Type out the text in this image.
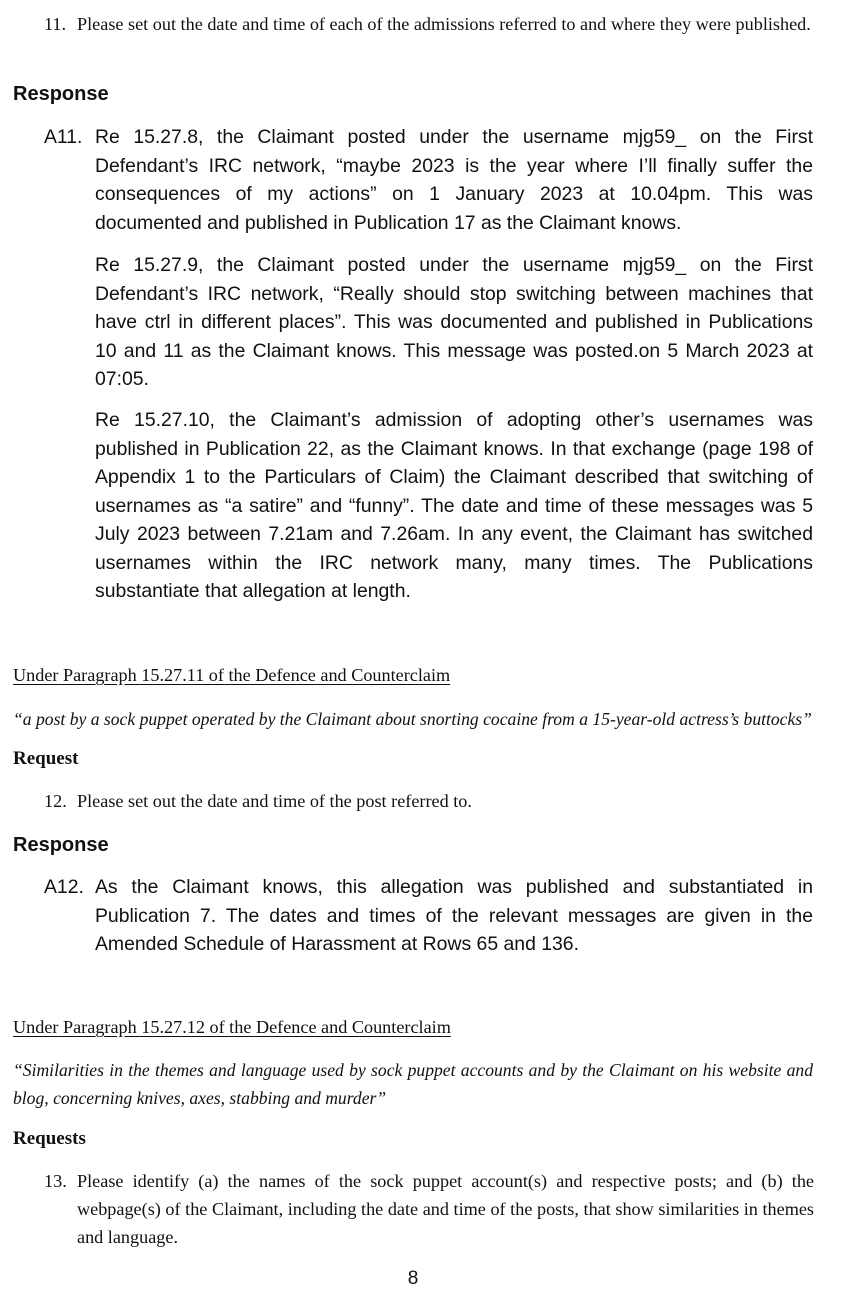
11. Please set out the date and time of each of the admissions referred to and where they were published.
Response
A11. Re 15.27.8, the Claimant posted under the username mjg59_ on the First Defendant’s IRC network, “maybe 2023 is the year where I’ll finally suffer the consequences of my actions” on 1 January 2023 at 10.04pm. This was documented and published in Publication 17 as the Claimant knows.
Re 15.27.9, the Claimant posted under the username mjg59_ on the First Defendant’s IRC network, “Really should stop switching between machines that have ctrl in different places”. This was documented and published in Publications 10 and 11 as the Claimant knows. This message was posted.on 5 March 2023 at 07:05.
Re 15.27.10, the Claimant’s admission of adopting other’s usernames was published in Publication 22, as the Claimant knows. In that exchange (page 198 of Appendix 1 to the Particulars of Claim) the Claimant described that switching of usernames as “a satire” and “funny”. The date and time of these messages was 5 July 2023 between 7.21am and 7.26am. In any event, the Claimant has switched usernames within the IRC network many, many times. The Publications substantiate that allegation at length.
Under Paragraph 15.27.11 of the Defence and Counterclaim
“a post by a sock puppet operated by the Claimant about snorting cocaine from a 15-year-old actress’s buttocks”
Request
12. Please set out the date and time of the post referred to.
Response
A12. As the Claimant knows, this allegation was published and substantiated in Publication 7. The dates and times of the relevant messages are given in the Amended Schedule of Harassment at Rows 65 and 136.
Under Paragraph 15.27.12 of the Defence and Counterclaim
“Similarities in the themes and language used by sock puppet accounts and by the Claimant on his website and blog, concerning knives, axes, stabbing and murder”
Requests
13. Please identify (a) the names of the sock puppet account(s) and respective posts; and (b) the webpage(s) of the Claimant, including the date and time of the posts, that show similarities in themes and language.
8
